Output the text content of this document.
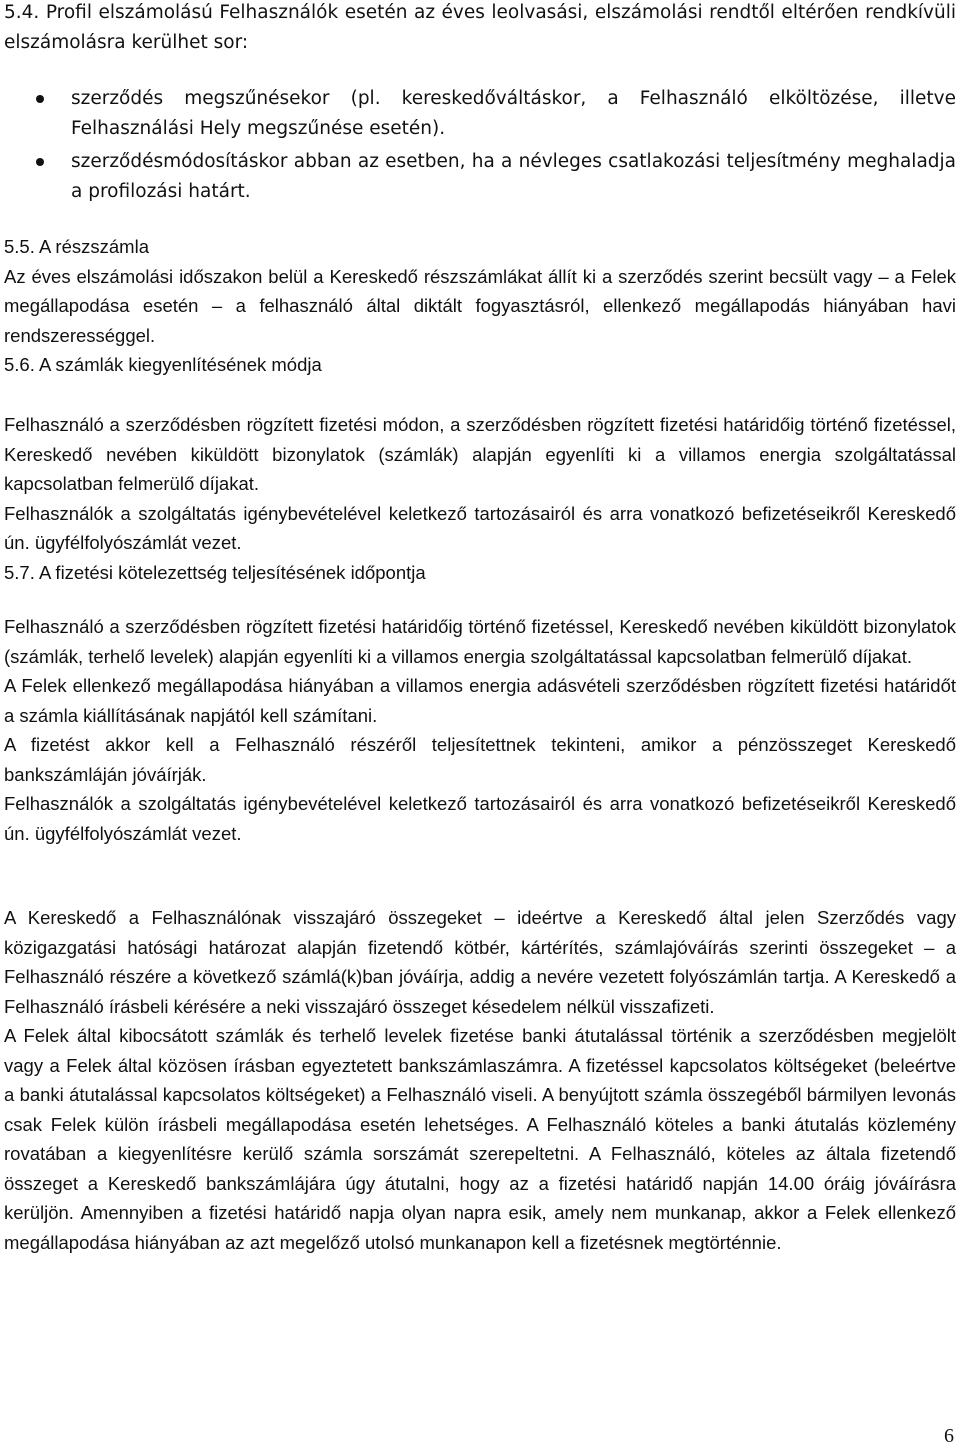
5.4. Profil elszámolású Felhasználók esetén az éves leolvasási, elszámolási rendtől eltérően rendkívüli elszámolásra kerülhet sor:

szerződés megszűnésekor (pl. kereskedőváltáskor, a Felhasználó elköltözése, illetve Felhasználási Hely megszűnése esetén).
szerződésmódosításkor abban az esetben, ha a névleges csatlakozási teljesítmény meghaladja a profilozási határt.

5.5. A részszámla

Az éves elszámolási időszakon belül a Kereskedő részszámlákat állít ki a szerződés szerint becsült vagy – a Felek megállapodása esetén – a felhasználó által diktált fogyasztásról, ellenkező megállapodás hiányában havi rendszerességgel.

5.6. A számlák kiegyenlítésének módja

Felhasználó a szerződésben rögzített fizetési módon, a szerződésben rögzített fizetési határidőig történő fizetéssel, Kereskedő nevében kiküldött bizonylatok (számlák) alapján egyenlíti ki a villamos energia szolgáltatással kapcsolatban felmerülő díjakat.

Felhasználók a szolgáltatás igénybevételével keletkező tartozásairól és arra vonatkozó befizetéseikről Kereskedő ún. ügyfélfolyószámlát vezet.

5.7. A fizetési kötelezettség teljesítésének időpontja

Felhasználó a szerződésben rögzített fizetési határidőig történő fizetéssel, Kereskedő nevében kiküldött bizonylatok (számlák, terhelő levelek) alapján egyenlíti ki a villamos energia szolgáltatással kapcsolatban felmerülő díjakat.

A Felek ellenkező megállapodása hiányában a villamos energia adásvételi szerződésben rögzített fizetési határidőt a számla kiállításának napjától kell számítani.

A fizetést akkor kell a Felhasználó részéről teljesítettnek tekinteni, amikor a pénzösszeget Kereskedő bankszámláján jóváírják.

Felhasználók a szolgáltatás igénybevételével keletkező tartozásairól és arra vonatkozó befizetéseikről Kereskedő ún. ügyfélfolyószámlát vezet.

A Kereskedő a Felhasználónak visszajáró összegeket – ideértve a Kereskedő által jelen Szerződés vagy közigazgatási hatósági határozat alapján fizetendő kötbér, kártérítés, számlajóváírás szerinti összegeket – a Felhasználó részére a következő számlá(k)ban jóváírja, addig a nevére vezetett folyószámlán tartja. A Kereskedő a Felhasználó írásbeli kérésére a neki visszajáró összeget késedelem nélkül visszafizeti.

A Felek által kibocsátott számlák és terhelő levelek fizetése banki átutalással történik a szerződésben megjelölt vagy a Felek által közösen írásban egyeztetett bankszámlaszámra. A fizetéssel kapcsolatos költségeket (beleértve a banki átutalással kapcsolatos költségeket) a Felhasználó viseli. A benyújtott számla összegéből bármilyen levonás csak Felek külön írásbeli megállapodása esetén lehetséges. A Felhasználó köteles a banki átutalás közlemény rovatában a kiegyenlítésre kerülő számla sorszámát szerepeltetni. A Felhasználó, köteles az általa fizetendő összeget a Kereskedő bankszámlájára úgy átutalni, hogy az a fizetési határidő napján 14.00 óráig jóváírásra kerüljön. Amennyiben a fizetési határidő napja olyan napra esik, amely nem munkanap, akkor a Felek ellenkező megállapodása hiányában az azt megelőző utolsó munkanapon kell a fizetésnek megtörténnie.

6
